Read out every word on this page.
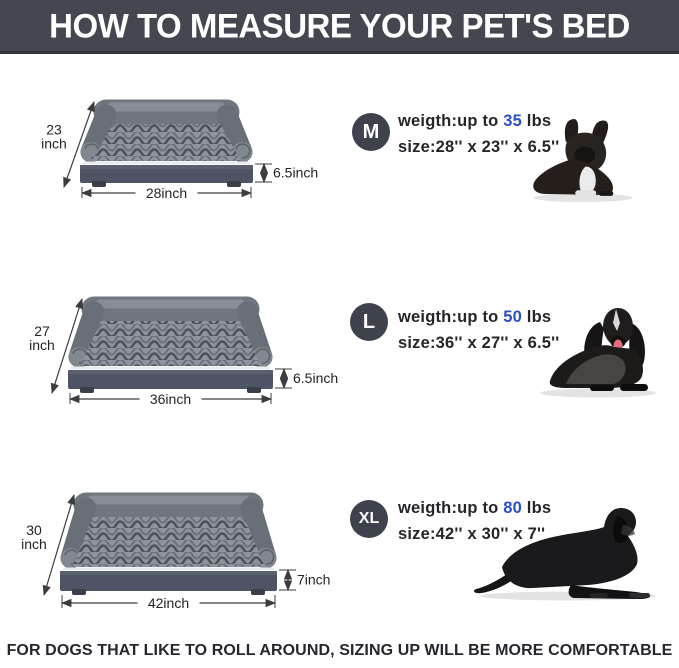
HOW TO MEASURE YOUR PET'S BED
23
inch
28inch
6.5inch
27
inch
36inch
6.5inch
30
inch
42inch
7inch
M
L
XL
weigth:up to 35 lbs
size:28'' x 23'' x 6.5''
weigth:up to 50 lbs
size:36'' x 27'' x 6.5''
weigth:up to 80 lbs
size:42'' x 30'' x 7''
FOR DOGS THAT LIKE TO ROLL AROUND, SIZING UP WILL BE MORE COMFORTABLE
